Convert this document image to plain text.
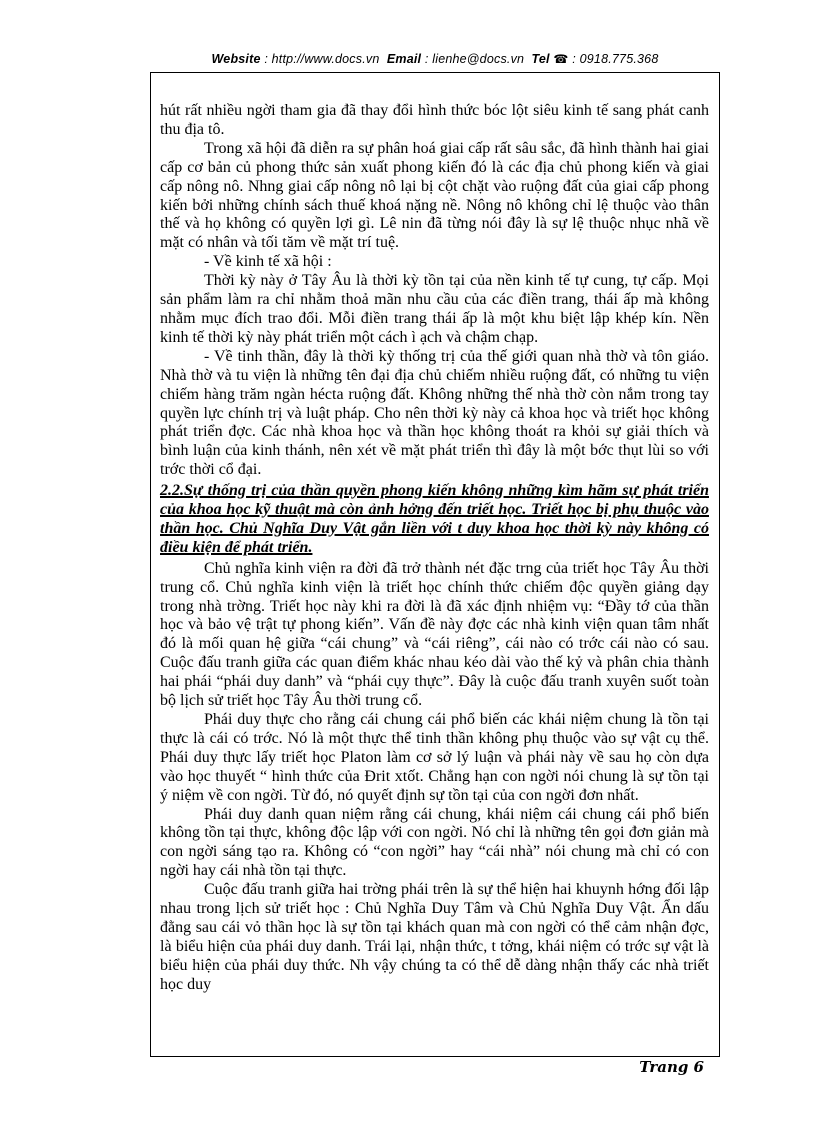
Website : http://www.docs.vn Email : lienhe@docs.vn Tel ☎ : 0918.775.368

hút rất nhiều ngời tham gia đã thay đổi hình thức bóc lột siêu kinh tế sang phát canh thu địa tô.

Trong xã hội đã diễn ra sự phân hoá giai cấp rất sâu sắc, đã hình thành hai giai cấp cơ bản củ phong thức sản xuất phong kiến đó là các địa chủ phong kiến và giai cấp nông nô. Nhng giai cấp nông nô lại bị cột chặt vào ruộng đất của giai cấp phong kiến bởi những chính sách thuế khoá nặng nề. Nông nô không chỉ lệ thuộc vào thân thế và họ không có quyền lợi gì. Lê nin đã từng nói đây là sự lệ thuộc nhục nhã về mặt có nhân và tối tăm về mặt trí tuệ.

- Về kinh tế xã hội :

Thời kỳ này ở Tây Âu là thời kỳ tồn tại của nền kinh tế tự cung, tự cấp. Mọi sản phẩm làm ra chỉ nhằm thoả mãn nhu cầu của các điền trang, thái ấp mà không nhằm mục đích trao đổi. Mỗi điền trang thái ấp là một khu biệt lập khép kín. Nền kinh tế thời kỳ này phát triển một cách ì ạch và chậm chạp.

- Về tinh thần, đây là thời kỳ thống trị của thế giới quan nhà thờ và tôn giáo. Nhà thờ và tu viện là những tên đại địa chủ chiếm nhiều ruộng đất, có những tu viện chiếm hàng trăm ngàn hécta ruộng đất. Không những thế nhà thờ còn nắm trong tay quyền lực chính trị và luật pháp. Cho nên thời kỳ này cả khoa học và triết học không phát triển đợc. Các nhà khoa học và thần học không thoát ra khỏi sự giải thích và bình luận của kinh thánh, nên xét về mặt phát triển thì đây là một bớc thụt lùi so với trớc thời cổ đại.

2.2.Sự thống trị của thần quyền phong kiến không những kìm hãm sự phát triển của khoa học kỹ thuật mà còn ảnh hởng đến triết học. Triết học bị phụ thuộc vào thần học. Chủ Nghĩa Duy Vật gắn liền với t duy khoa học thời kỳ này không có điều kiện để phát triển.

Chủ nghĩa kinh viện ra đời đã trở thành nét đặc trng của triết học Tây Âu thời trung cổ. Chủ nghĩa kinh viện là triết học chính thức chiếm độc quyền giảng dạy trong nhà trờng. Triết học này khi ra đời là đã xác định nhiệm vụ: “Đầy tớ của thần học và bảo vệ trật tự phong kiến”. Vấn đề này đợc các nhà kinh viện quan tâm nhất đó là mối quan hệ giữa “cái chung” và “cái riêng”, cái nào có trớc cái nào có sau. Cuộc đấu tranh giữa các quan điểm khác nhau kéo dài vào thế kỷ và phân chia thành hai phái “phái duy danh” và “phái cụy thực”. Đây là cuộc đấu tranh xuyên suốt toàn bộ lịch sử triết học Tây Âu thời trung cổ.

Phái duy thực cho rằng cái chung cái phổ biến các khái niệm chung là tồn tại thực là cái có trớc. Nó là một thực thể tinh thần không phụ thuộc vào sự vật cụ thể. Phái duy thực lấy triết học Platon làm cơ sở lý luận và phái này về sau họ còn dựa vào học thuyết “ hình thức của Đrit xtốt. Chẳng hạn con ngời nói chung là sự tồn tại ý niệm về con ngời. Từ đó, nó quyết định sự tồn tại của con ngời đơn nhất.

Phái duy danh quan niệm rằng cái chung, khái niệm cái chung cái phổ biến không tồn tại thực, không độc lập với con ngời. Nó chỉ là những tên gọi đơn giản mà con ngời sáng tạo ra. Không có “con ngời” hay “cái nhà” nói chung mà chỉ có con ngời hay cái nhà tồn tại thực.

Cuộc đấu tranh giữa hai trờng phái trên là sự thể hiện hai khuynh hớng đối lập nhau trong lịch sử triết học : Chủ Nghĩa Duy Tâm và Chủ Nghĩa Duy Vật. Ẩn dấu đằng sau cái vỏ thần học là sự tồn tại khách quan mà con ngời có thể cảm nhận đợc, là biểu hiện của phái duy danh. Trái lại, nhận thức, t tởng, khái niệm có trớc sự vật là biểu hiện của phái duy thức. Nh vậy chúng ta có thể dễ dàng nhận thấy các nhà triết học duy

Trang 6
